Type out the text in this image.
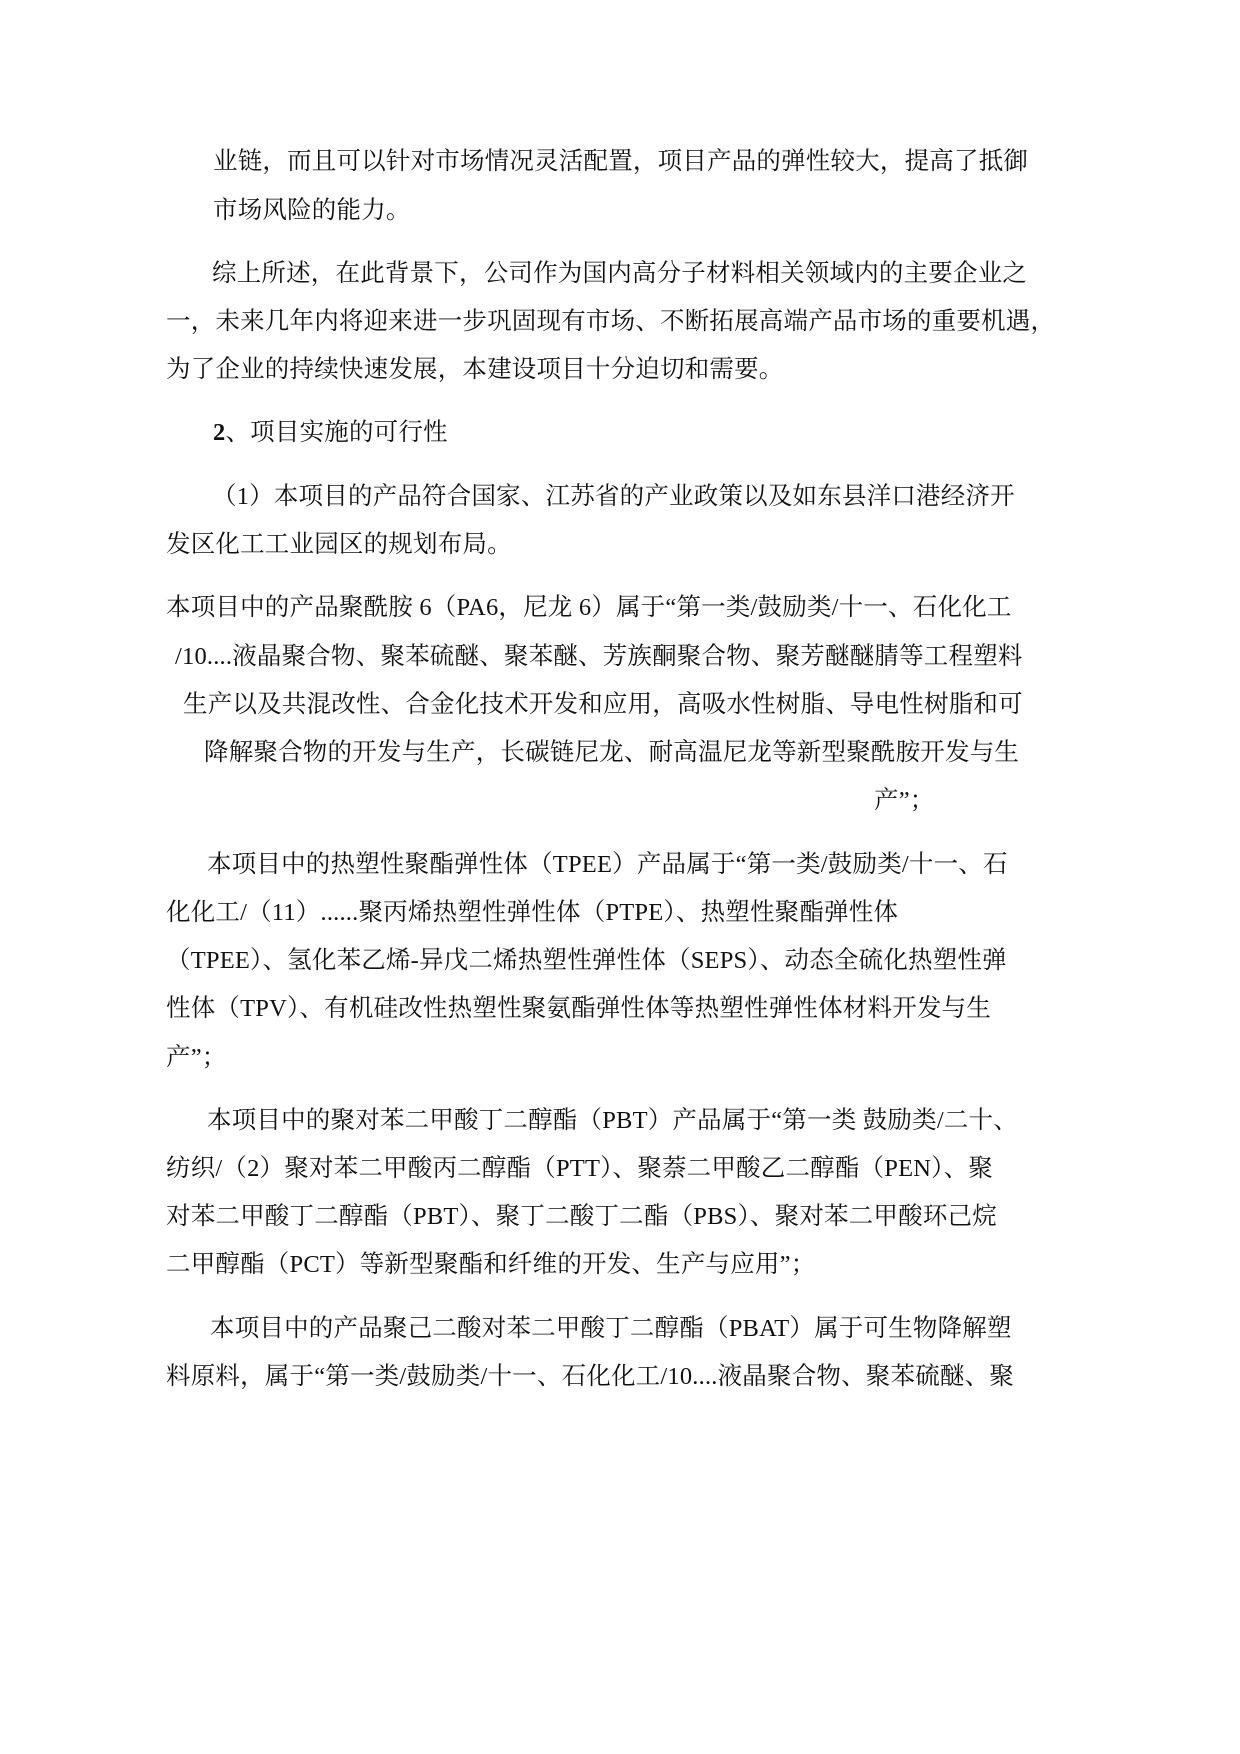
业链，而且可以针对市场情况灵活配置，项目产品的弹性较大，提高了抵御
市场风险的能力。
综上所述，在此背景下，公司作为国内高分子材料相关领域内的主要企业之
一，未来几年内将迎来进一步巩固现有市场、不断拓展高端产品市场的重要机遇，
为了企业的持续快速发展，本建设项目十分迫切和需要。
2、项目实施的可行性
（1）本项目的产品符合国家、江苏省的产业政策以及如东县洋口港经济开
发区化工工业园区的规划布局。
本项目中的产品聚酰胺 6（PA6，尼龙 6）属于“第一类/鼓励类/十一、石化化工
/10....液晶聚合物、聚苯硫醚、聚苯醚、芳族酮聚合物、聚芳醚醚腈等工程塑料
生产以及共混改性、合金化技术开发和应用，高吸水性树脂、导电性树脂和可
降解聚合物的开发与生产，长碳链尼龙、耐高温尼龙等新型聚酰胺开发与生
产”；
本项目中的热塑性聚酯弹性体（TPEE）产品属于“第一类/鼓励类/十一、石
化化工/（11）......聚丙烯热塑性弹性体（PTPE）、热塑性聚酯弹性体
（TPEE）、氢化苯乙烯-异戊二烯热塑性弹性体（SEPS）、动态全硫化热塑性弹
性体（TPV）、有机硅改性热塑性聚氨酯弹性体等热塑性弹性体材料开发与生
产”；
本项目中的聚对苯二甲酸丁二醇酯（PBT）产品属于“第一类 鼓励类/二十、
纺织/（2）聚对苯二甲酸丙二醇酯（PTT）、聚萘二甲酸乙二醇酯（PEN）、聚
对苯二甲酸丁二醇酯（PBT）、聚丁二酸丁二酯（PBS）、聚对苯二甲酸环己烷
二甲醇酯（PCT）等新型聚酯和纤维的开发、生产与应用”；
本项目中的产品聚己二酸对苯二甲酸丁二醇酯（PBAT）属于可生物降解塑
料原料，属于“第一类/鼓励类/十一、石化化工/10....液晶聚合物、聚苯硫醚、聚
